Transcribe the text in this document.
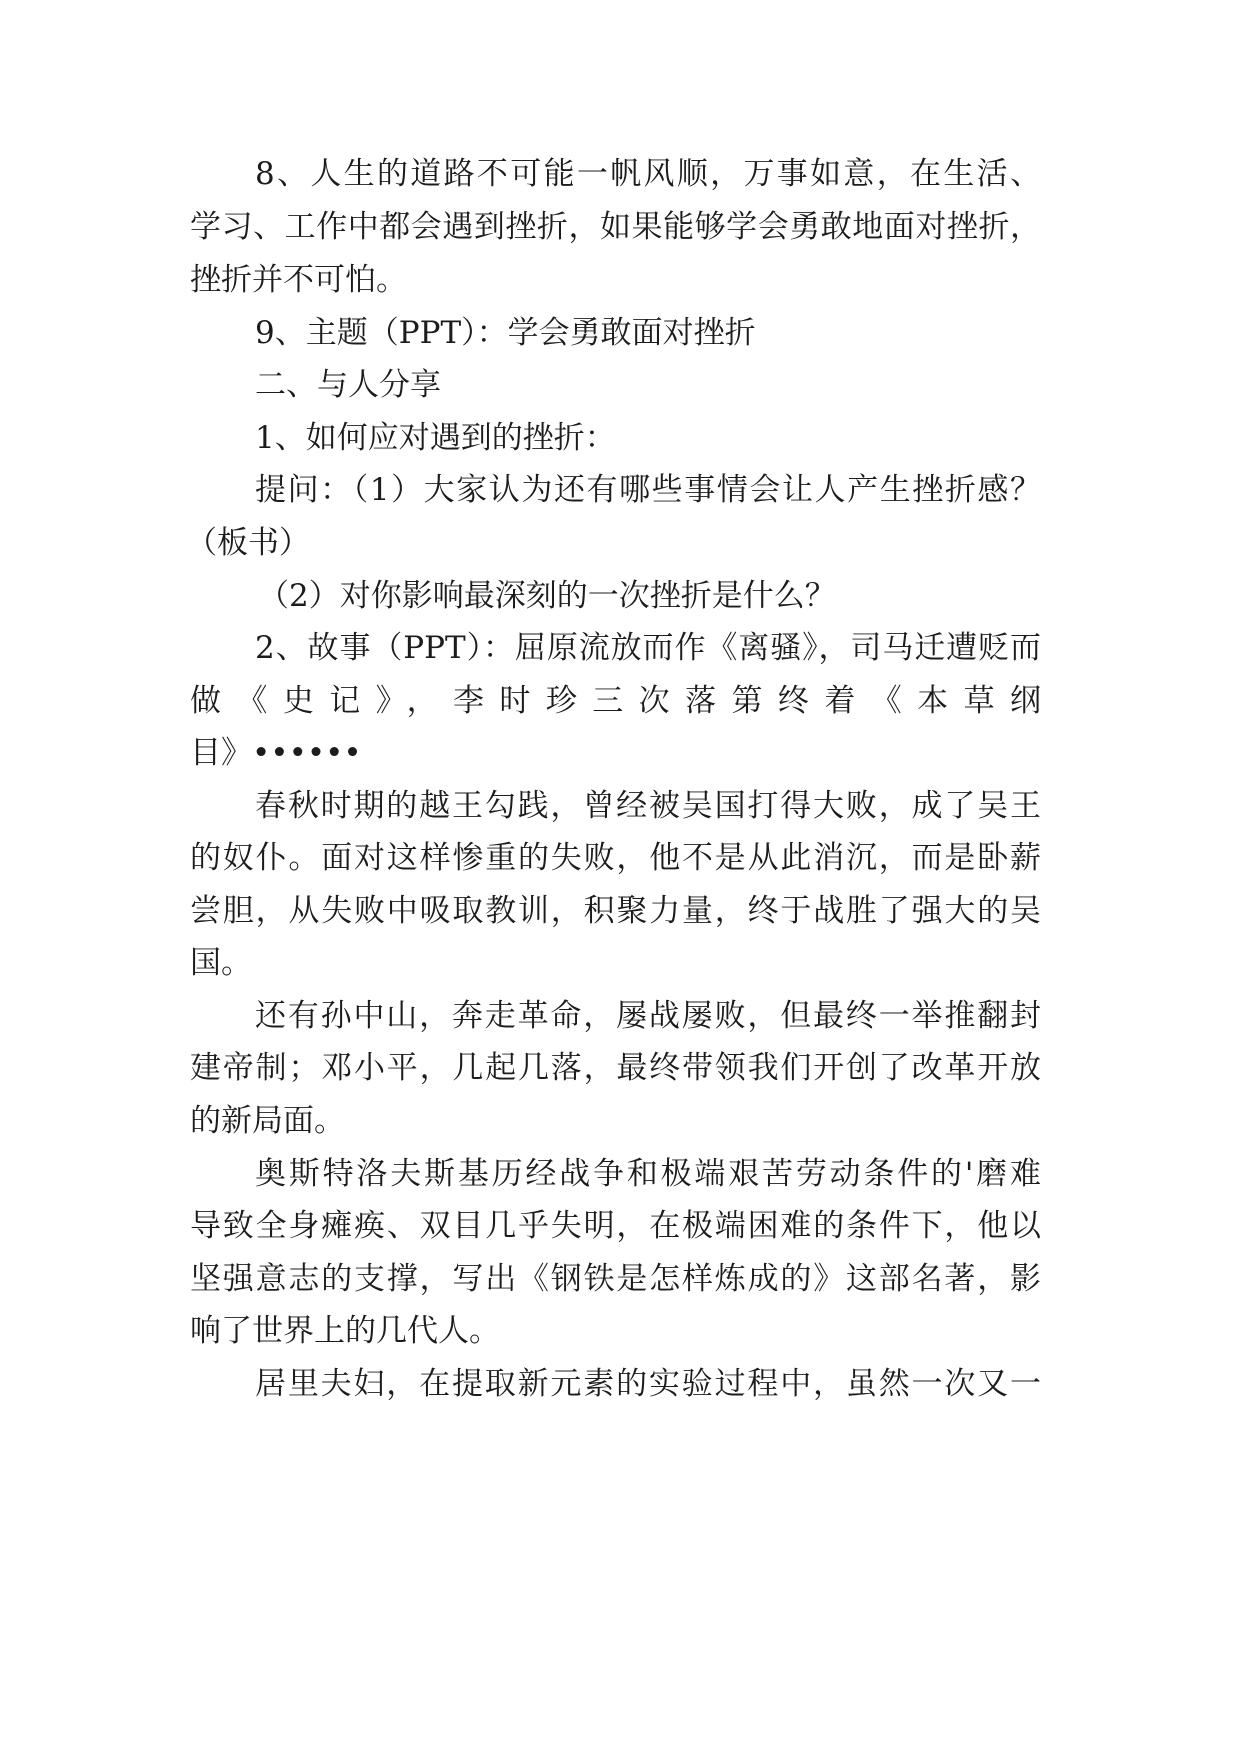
8、人生的道路不可能一帆风顺，万事如意，在生活、
学习、工作中都会遇到挫折，如果能够学会勇敢地面对挫折，
挫折并不可怕。
9、主题（PPT）：学会勇敢面对挫折
二、与人分享
1、如何应对遇到的挫折：
提问：（1）大家认为还有哪些事情会让人产生挫折感？
（板书）
（2）对你影响最深刻的一次挫折是什么？
2、故事（PPT）：屈原流放而作《离骚》，司马迁遭贬而
做《史记》，李时珍三次落第终着《本草纲
目》••••••
春秋时期的越王勾践，曾经被吴国打得大败，成了吴王
的奴仆。面对这样惨重的失败，他不是从此消沉，而是卧薪
尝胆，从失败中吸取教训，积聚力量，终于战胜了强大的吴
国。
还有孙中山，奔走革命，屡战屡败，但最终一举推翻封
建帝制；邓小平，几起几落，最终带领我们开创了改革开放
的新局面。
奥斯特洛夫斯基历经战争和极端艰苦劳动条件的'磨难
导致全身瘫痪、双目几乎失明，在极端困难的条件下，他以
坚强意志的支撑，写出《钢铁是怎样炼成的》这部名著，影
响了世界上的几代人。
居里夫妇，在提取新元素的实验过程中，虽然一次又一
